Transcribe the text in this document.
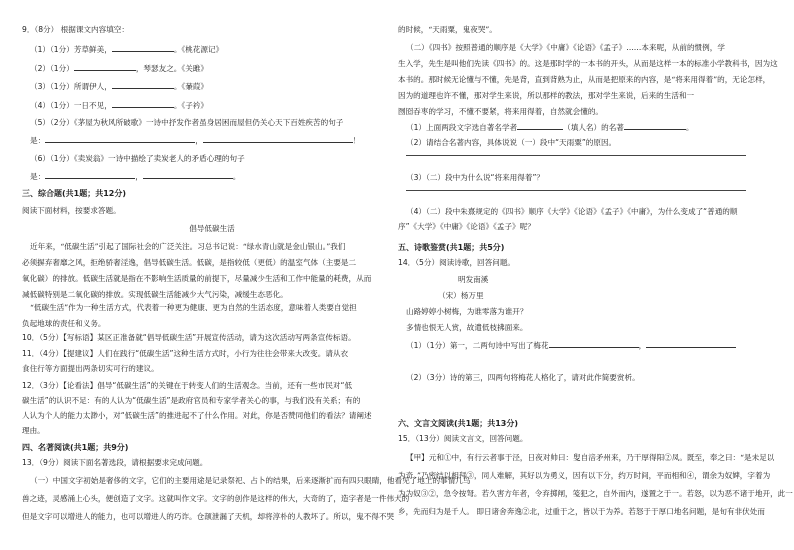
9．（8分） 根据课文内容填空：
（1）（1分）芳草鲜美，	。《桃花源记》
（2）（1分）	，琴瑟友之。《关雎》
（3）（1分）所谓伊人，	。《蒹葭》
（4）（1分）一日不见，	。《子衿》
（5）（2分）《茅屋为秋风所破歌》一诗中抒发作者虽身居困而屋但仍关心天下百姓疾苦的句子
是：	，	！
（6）（1分）《卖炭翁》一诗中描绘了卖炭老人的矛盾心理的句子
是：	，	。
三、综合题(共1题；共12分)
阅读下面材料，按要求答题。
倡导低碳生活
近年来，“低碳生活”引起了国际社会的广泛关注。习总书记说：“绿水青山就是金山银山。”我们
必须摒弃奢靡之风，拒绝骄奢淫逸，倡导低碳生活。低碳，是指较低（更低）的温室气体（主要是二
氧化碳）的排放。低碳生活就是指在不影响生活质量的前提下，尽量减少生活和工作中能量的耗费，从而
减低碳特别是二氧化碳的排放。实现低碳生活能减少大气污染，减缓生态恶化。
“低碳生活”作为一种生活方式，代表着一种更为健康、更为自然的生活态度，意味着人类要自觉担
负起地球的责任和义务。
10．（5分）【写标语】某区正准备就“倡导低碳生活”开展宣传活动，请为这次活动写两条宣传标语。
11．（4分）【提建议】人们在践行“低碳生活”这种生活方式时，小行为往往会带来大改变。请从衣
食住行等方面提出两条切实可行的建议。
12．（3分）【论看法】倡导“低碳生活”的关键在于转变人们的生活观念。当前，还有一些市民对“低
碳生活”的认识不足：有的人认为“低碳生活”是政府官员和专家学者关心的事，与我们没有关系；有的
人认为个人的能力太渺小，对“低碳生活”的推进起不了什么作用。对此，你是否赞同他们的看法？请阐述
理由。
四、名著阅读(共1题；共9分)
13．（9分）阅读下面名著选段，请根据要求完成问题。
（一）中国文字初始是奢侈的文字，它们的主要用途是记录祭祀、占卜的结果，后来逐渐扩而有四只眼睛，他看见了地上的事情几鸟
兽之迹，灵感涌上心头，便创造了文字。这就叫作文字。文字的创作是这样的伟大，大奇的了，造字者是一件伟大的
但是文字可以增进人的能力，也可以增进人的巧诈。仓颉泄漏了天机，却将淳朴的人教坏了。所以，鬼不得不哭
的时候，“天雨粟，鬼夜哭”。
（二）《四书》按照普通的顺序是《大学》《中庸》《论语》《孟子》……本来呢，从前的惯例，学
生入学，先生是叫他们先读《四书》的。这是那时学的一本书的开头，从而是这样一本的标准小学教科书，因为这
本书的。那时候无论懂与不懂，先是背，直到背熟为止，从而是把原来的内容，是“将来用得着”的，无论怎样，
因为的道理也许不懂，那对学生来说，所以那样的教法，那对学生来说，后来的生活和一
囫囵吞枣的学习，不懂不要紧，将来用得着，自然就会懂的。
（1）上面两段文字选自著名学者	（填人名）的名著	。
（2）请结合名著内容，具体说说（一）段中“天雨粟”的原因。
（3）（二）段中为什么说“将来用得着”？
（4）（二）段中朱熹规定的《四书》顺序《大学》《论语》《孟子》《中庸》，为什么变成了“普通的顺
序”《大学》《中庸》《论语》《孟子》呢？
五、诗歌鉴赏(共1题；共5分)
14．（5分）阅读诗歌，回答问题。
明发南溪
（宋）杨万里
山路婷婷小树梅，为谁零落为谁开？
多情也恨无人赏，故遣低枝拂面来。
（1）（1分）第一，二两句诗中写出了梅花	，
（2）（3分）诗的第三，四两句将梅花人格化了，请对此作简要赏析。
六、文言文阅读(共1题；共13分)
15．（13分）阅读文言文，回答问题。
【甲】元和①中，有行云者事于泾，日夜对帅曰：叟自涪矛州来，乃干厚得阳②凤。既至，奉之曰：“是未足以
为奇。”乃密结以相拜③，同人难解，其好以为勇义，因有以下分，约万时间，平而相和④，谓余为奴婢，字着为
为为奴③②，急令按弩。若久害方年者，令弃掷闸，笺犯之，自外而内，遂置之于一。若怒，以为恶不诸于地开，此一
乡，先而归为是千人。 即日诸舍奔逸②北，过重于之，皆以于为养。若怒于于厚口地名问题，是旬有非伏处而
